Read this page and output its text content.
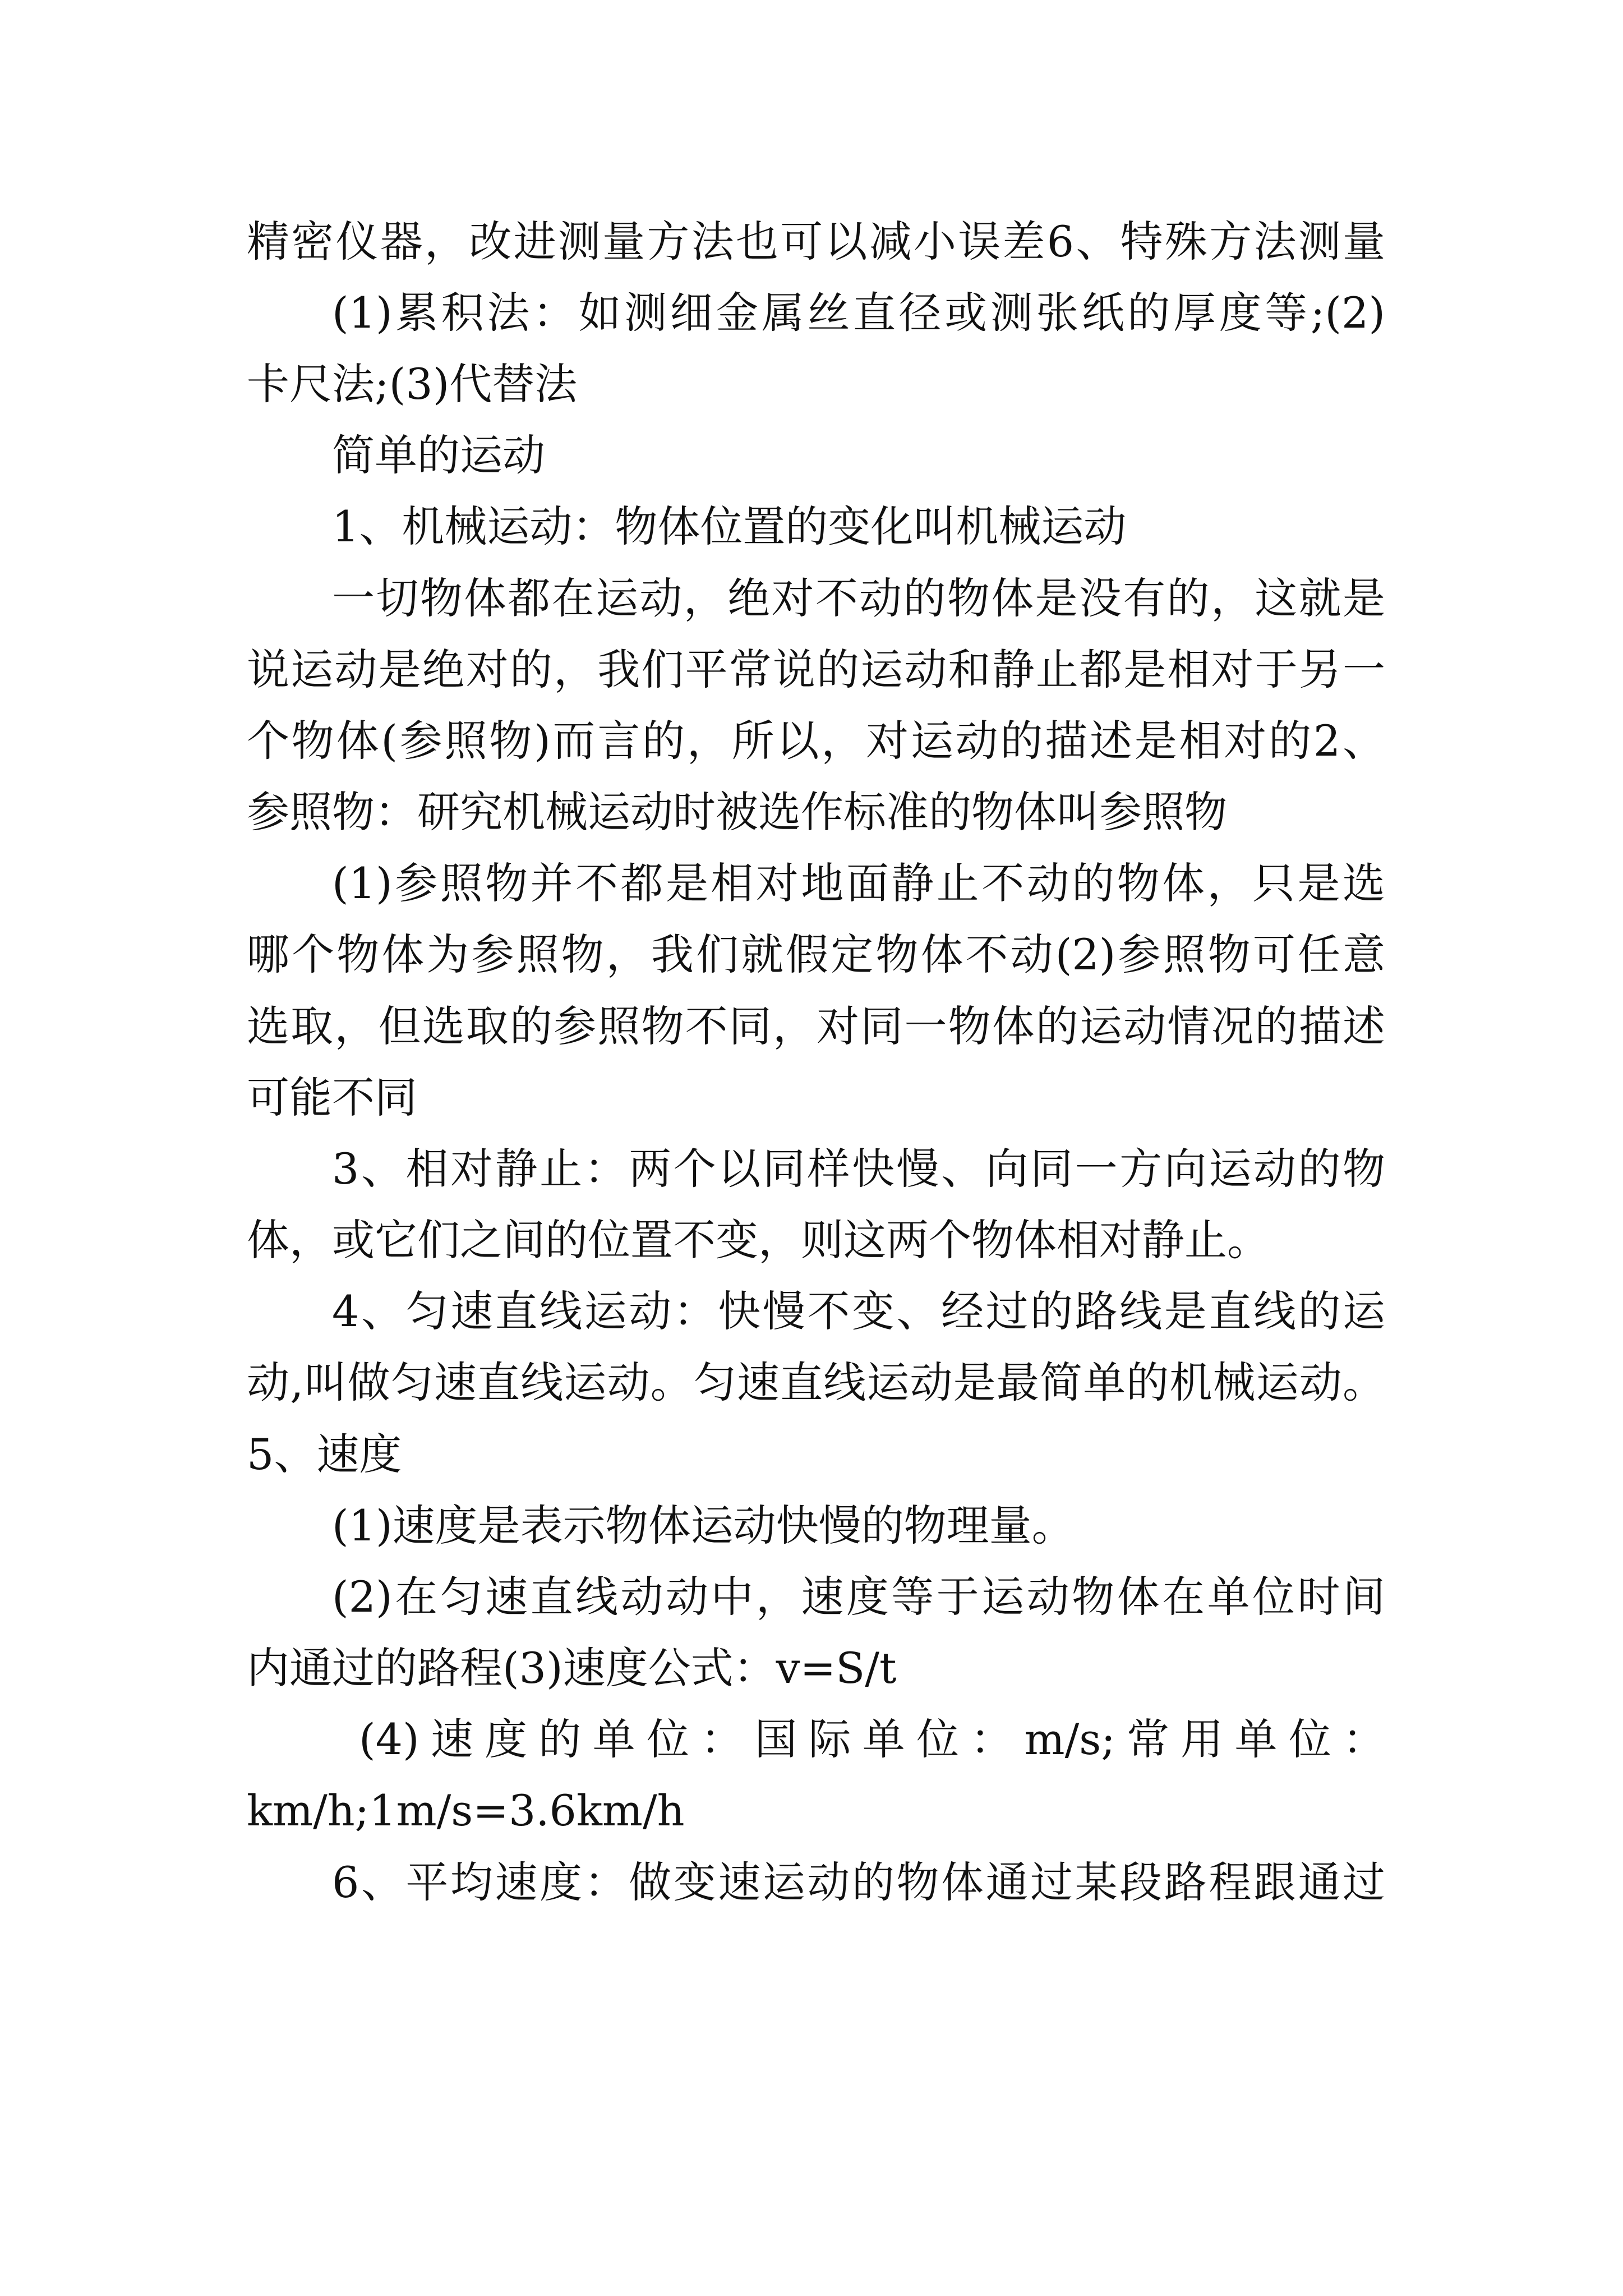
精密仪器，改进测量方法也可以减小误差6、特殊方法测量
(1)累积法：如测细金属丝直径或测张纸的厚度等;(2)
卡尺法;(3)代替法
简单的运动
1、机械运动：物体位置的变化叫机械运动
一切物体都在运动，绝对不动的物体是没有的，这就是
说运动是绝对的，我们平常说的运动和静止都是相对于另一
个物体(参照物)而言的，所以，对运动的描述是相对的2、
参照物：研究机械运动时被选作标准的物体叫参照物
(1)参照物并不都是相对地面静止不动的物体，只是选
哪个物体为参照物，我们就假定物体不动(2)参照物可任意
选取，但选取的参照物不同，对同一物体的运动情况的描述
可能不同
3、相对静止：两个以同样快慢、向同一方向运动的物
体，或它们之间的位置不变，则这两个物体相对静止。
4、匀速直线运动：快慢不变、经过的路线是直线的运
动,叫做匀速直线运动。匀速直线运动是最简单的机械运动。
5、速度
(1)速度是表示物体运动快慢的物理量。
(2)在匀速直线动动中，速度等于运动物体在单位时间
内通过的路程(3)速度公式：v=S/t
(4)速度的单位：国际单位：m/s;常用单位：
km/h;1m/s=3.6km/h
6、平均速度：做变速运动的物体通过某段路程跟通过
